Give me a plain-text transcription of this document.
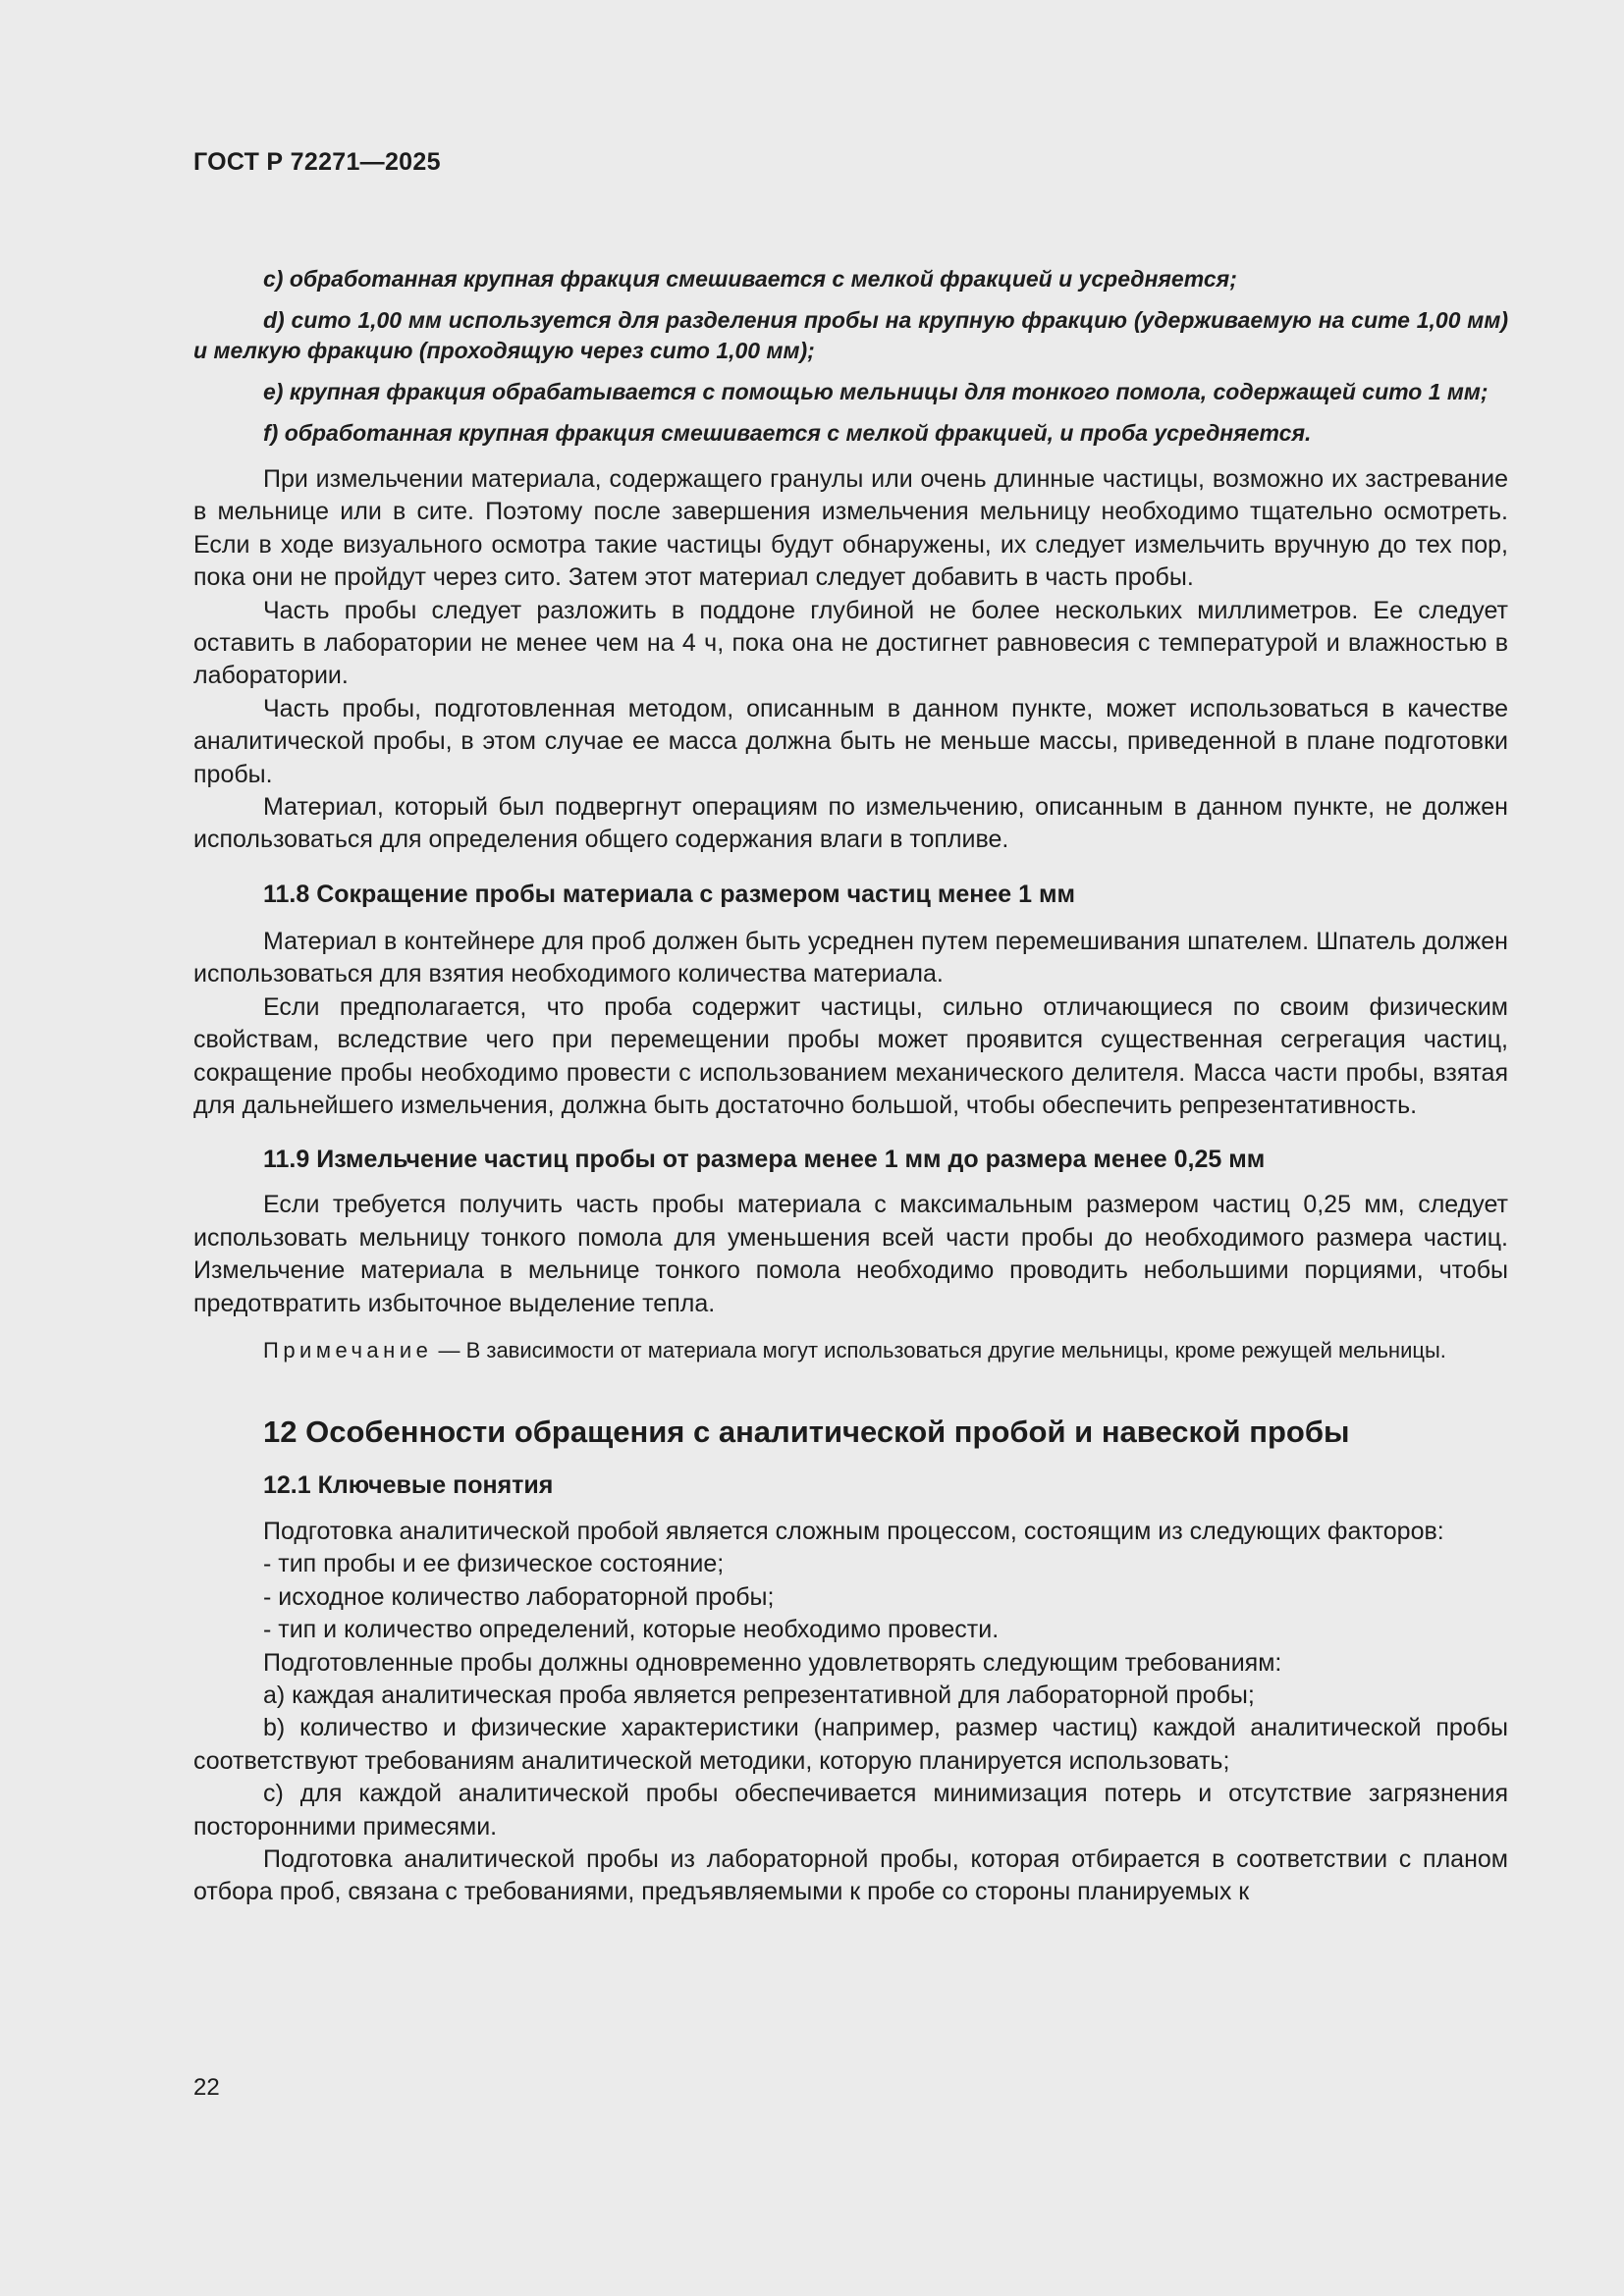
ГОСТ Р 72271—2025

c) обработанная крупная фракция смешивается с мелкой фракцией и усредняется;

d) сито 1,00 мм используется для разделения пробы на крупную фракцию (удерживаемую на сите 1,00 мм) и мелкую фракцию (проходящую через сито 1,00 мм);

e) крупная фракция обрабатывается с помощью мельницы для тонкого помола, содержащей сито 1 мм;

f) обработанная крупная фракция смешивается с мелкой фракцией, и проба усредняется.

При измельчении материала, содержащего гранулы или очень длинные частицы, возможно их застревание в мельнице или в сите. Поэтому после завершения измельчения мельницу необходимо тщательно осмотреть. Если в ходе визуального осмотра такие частицы будут обнаружены, их следует измельчить вручную до тех пор, пока они не пройдут через сито. Затем этот материал следует добавить в часть пробы.

Часть пробы следует разложить в поддоне глубиной не более нескольких миллиметров. Ее следует оставить в лаборатории не менее чем на 4 ч, пока она не достигнет равновесия с температурой и влажностью в лаборатории.

Часть пробы, подготовленная методом, описанным в данном пункте, может использоваться в качестве аналитической пробы, в этом случае ее масса должна быть не меньше массы, приведенной в плане подготовки пробы.

Материал, который был подвергнут операциям по измельчению, описанным в данном пункте, не должен использоваться для определения общего содержания влаги в топливе.

11.8 Сокращение пробы материала с размером частиц менее 1 мм

Материал в контейнере для проб должен быть усреднен путем перемешивания шпателем. Шпатель должен использоваться для взятия необходимого количества материала.

Если предполагается, что проба содержит частицы, сильно отличающиеся по своим физическим свойствам, вследствие чего при перемещении пробы может проявится существенная сегрегация частиц, сокращение пробы необходимо провести с использованием механического делителя. Масса части пробы, взятая для дальнейшего измельчения, должна быть достаточно большой, чтобы обеспечить репрезентативность.

11.9 Измельчение частиц пробы от размера менее 1 мм до размера менее 0,25 мм

Если требуется получить часть пробы материала с максимальным размером частиц 0,25 мм, следует использовать мельницу тонкого помола для уменьшения всей части пробы до необходимого размера частиц. Измельчение материала в мельнице тонкого помола необходимо проводить небольшими порциями, чтобы предотвратить избыточное выделение тепла.

Примечание — В зависимости от материала могут использоваться другие мельницы, кроме режущей мельницы.

12 Особенности обращения с аналитической пробой и навеской пробы

12.1 Ключевые понятия

Подготовка аналитической пробой является сложным процессом, состоящим из следующих факторов:

- тип пробы и ее физическое состояние;

- исходное количество лабораторной пробы;

- тип и количество определений, которые необходимо провести.

Подготовленные пробы должны одновременно удовлетворять следующим требованиям:

a) каждая аналитическая проба является репрезентативной для лабораторной пробы;

b) количество и физические характеристики (например, размер частиц) каждой аналитической пробы соответствуют требованиям аналитической методики, которую планируется использовать;

c) для каждой аналитической пробы обеспечивается минимизация потерь и отсутствие загрязнения посторонними примесями.

Подготовка аналитической пробы из лабораторной пробы, которая отбирается в соответствии с планом отбора проб, связана с требованиями, предъявляемыми к пробе со стороны планируемых к

22
